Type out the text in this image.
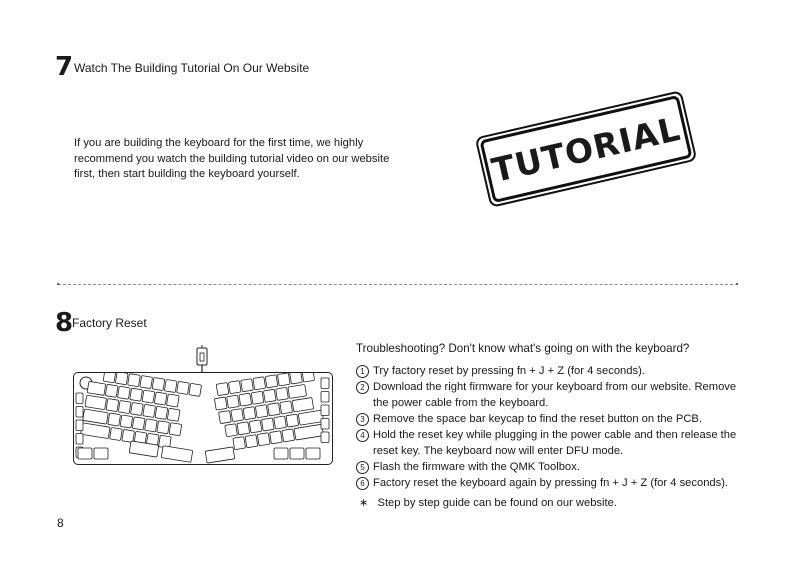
7 Watch The Building Tutorial On Our Website
If you are building the keyboard for the first time, we highly recommend you watch the building tutorial video on our website first, then start building the keyboard yourself.	TUTORIAL
8
Factory Reset
Troubleshooting? Don't know what's going on with the keyboard?
1 Try factory reset by pressing fn + J + Z (for 4 seconds).
2 Download the right firmware for your keyboard from our website. Remove the power cable from the keyboard.
3 Remove the space bar keycap to find the reset button on the PCB.
4 Hold the reset key while plugging in the power cable and then release the reset key. The keyboard now will enter DFU mode.
5 Flash the firmware with the QMK Toolbox.
6 Factory reset the keyboard again by pressing fn + J + Z (for 4 seconds).
∗ Step by step guide can be found on our website.
8
